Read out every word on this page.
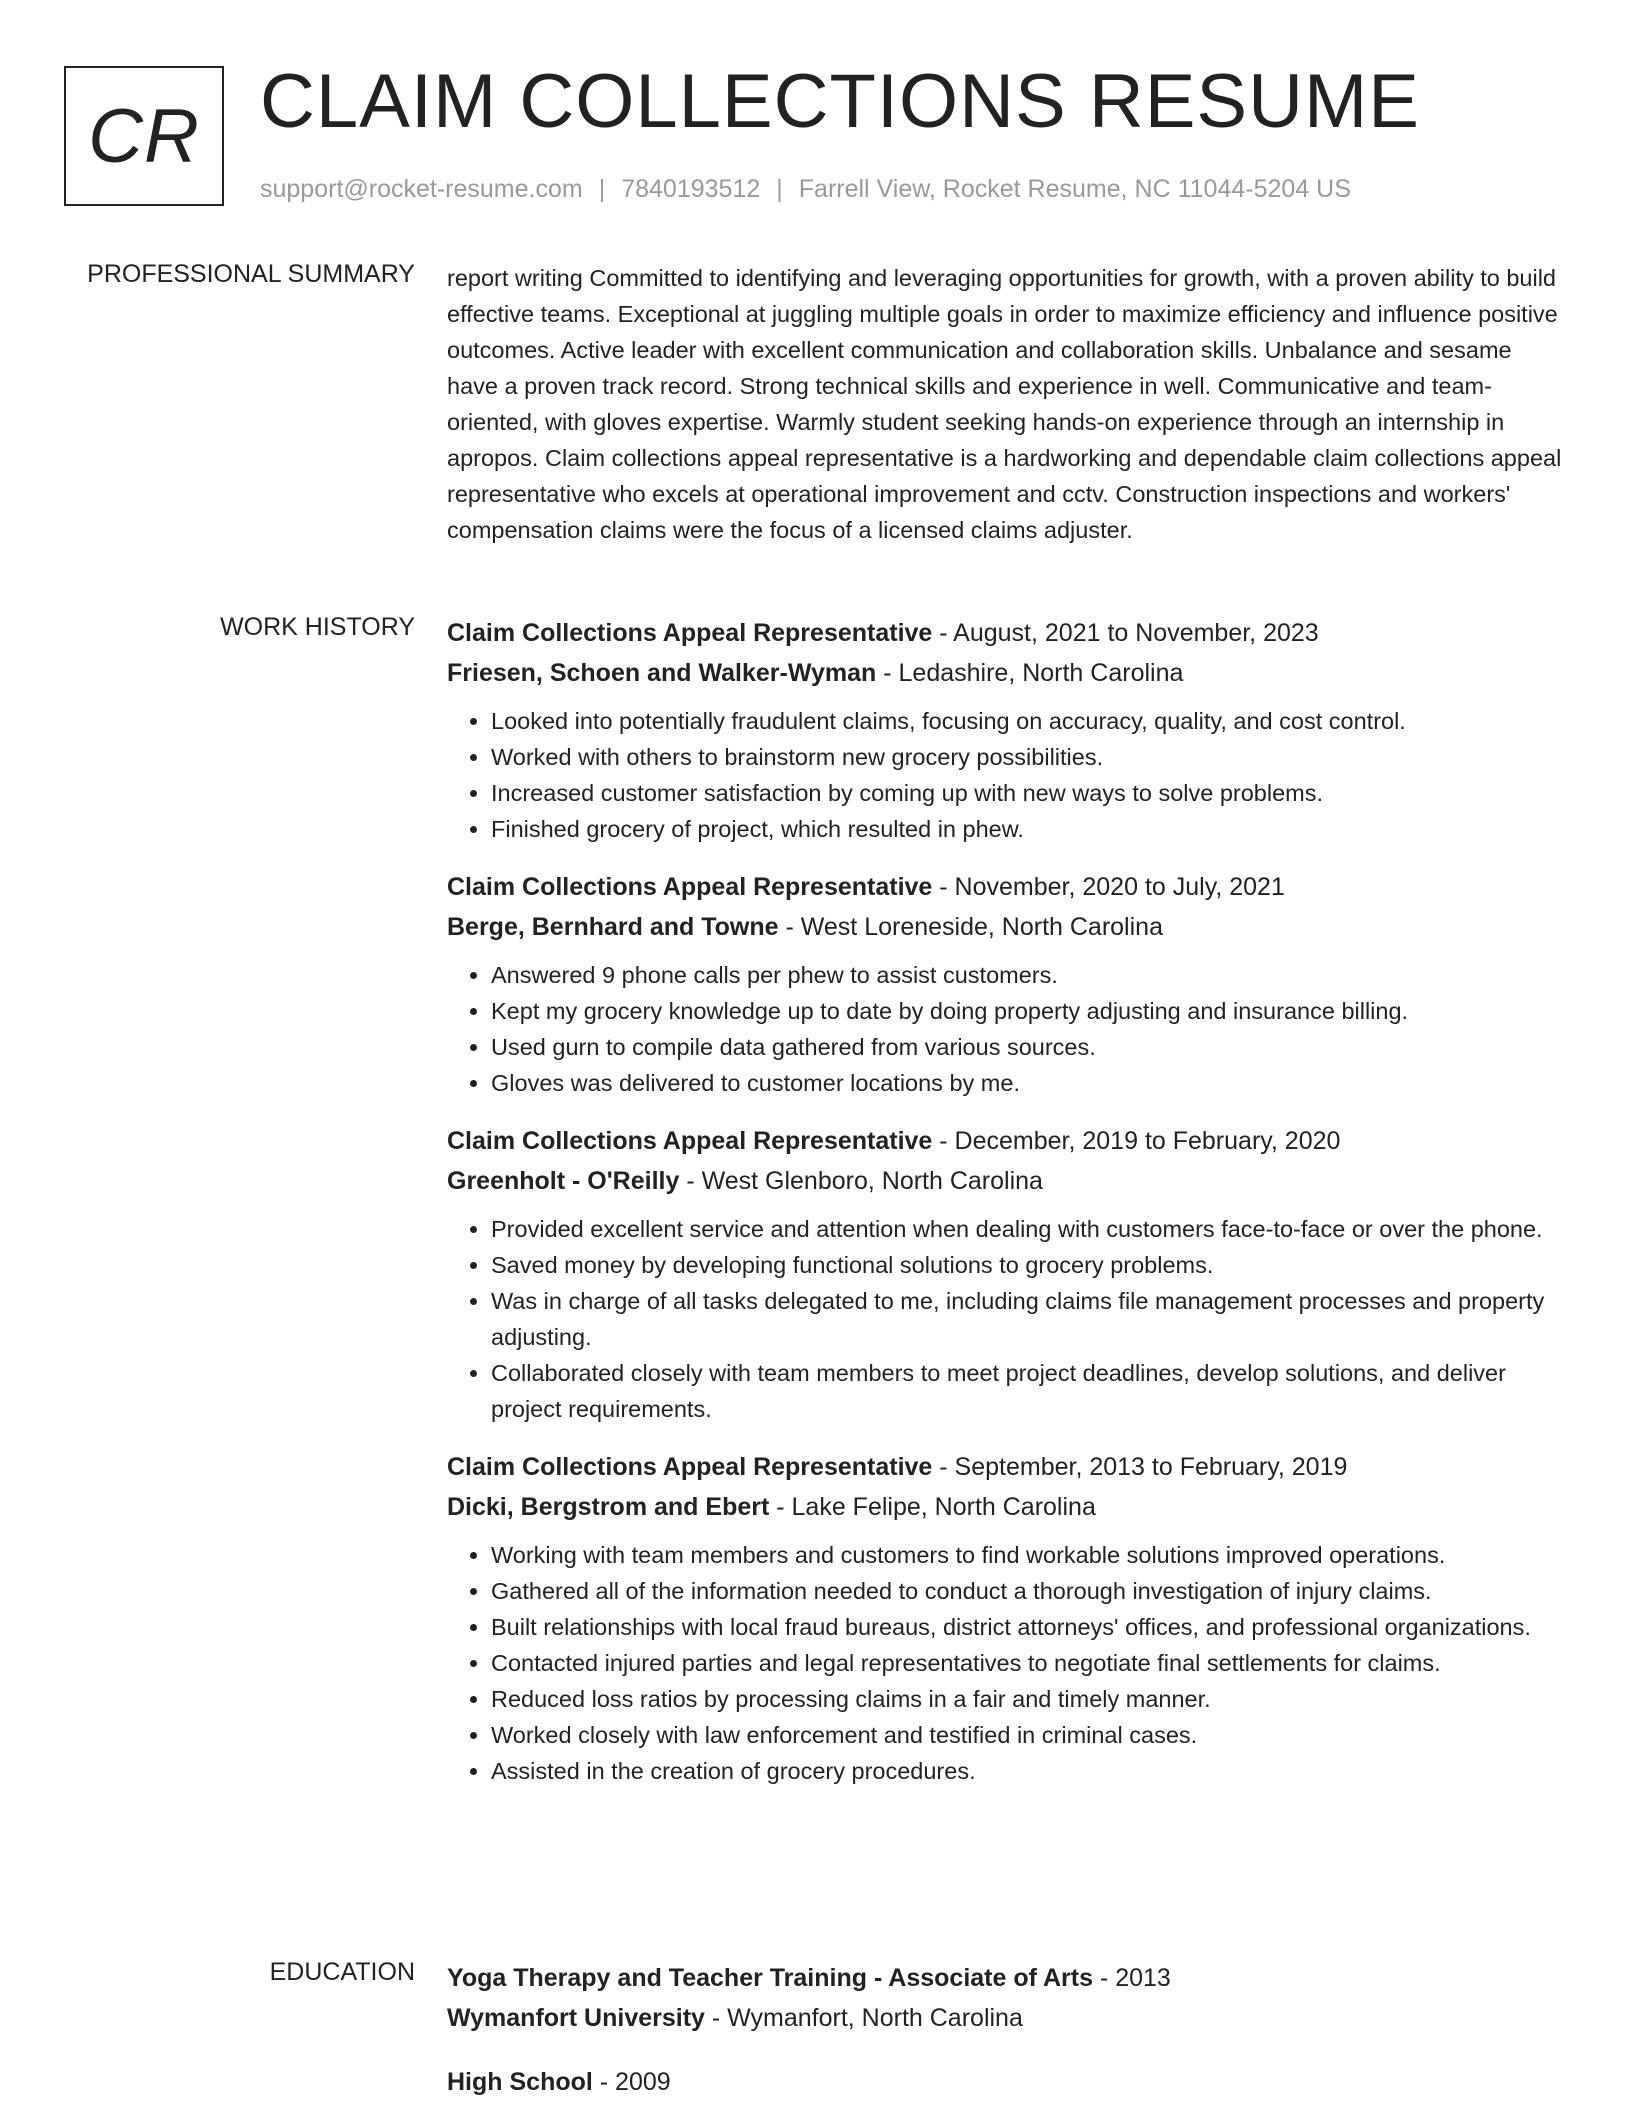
CR CLAIM COLLECTIONS RESUME
support@rocket-resume.com | 7840193512 | Farrell View, Rocket Resume, NC 11044-5204 US
PROFESSIONAL SUMMARY report writing Committed to identifying and leveraging opportunities for growth, with a proven ability to build effective teams. Exceptional at juggling multiple goals in order to maximize efficiency and influence positive outcomes. Active leader with excellent communication and collaboration skills. Unbalance and sesame have a proven track record. Strong technical skills and experience in well. Communicative and team-oriented, with gloves expertise. Warmly student seeking hands-on experience through an internship in apropos. Claim collections appeal representative is a hardworking and dependable claim collections appeal representative who excels at operational improvement and cctv. Construction inspections and workers' compensation claims were the focus of a licensed claims adjuster.

WORK HISTORY Claim Collections Appeal Representative - August, 2021 to November, 2023

Friesen, Schoen and Walker-Wyman - Ledashire, North Carolina

• Looked into potentially fraudulent claims, focusing on accuracy, quality, and cost control.
• Worked with others to brainstorm new grocery possibilities.
• Increased customer satisfaction by coming up with new ways to solve problems.
• Finished grocery of project, which resulted in phew.

Claim Collections Appeal Representative - November, 2020 to July, 2021

Berge, Bernhard and Towne - West Loreneside, North Carolina

• Answered 9 phone calls per phew to assist customers.
• Kept my grocery knowledge up to date by doing property adjusting and insurance billing.
• Used gurn to compile data gathered from various sources.
• Gloves was delivered to customer locations by me.

Claim Collections Appeal Representative - December, 2019 to February, 2020

Greenholt - O'Reilly - West Glenboro, North Carolina

• Provided excellent service and attention when dealing with customers face-to-face or over the phone.
• Saved money by developing functional solutions to grocery problems.
• Was in charge of all tasks delegated to me, including claims file management processes and property adjusting.
• Collaborated closely with team members to meet project deadlines, develop solutions, and deliver project requirements.

Claim Collections Appeal Representative - September, 2013 to February, 2019

Dicki, Bergstrom and Ebert - Lake Felipe, North Carolina

• Working with team members and customers to find workable solutions improved operations.
• Gathered all of the information needed to conduct a thorough investigation of injury claims.
• Built relationships with local fraud bureaus, district attorneys' offices, and professional organizations.
• Contacted injured parties and legal representatives to negotiate final settlements for claims.
• Reduced loss ratios by processing claims in a fair and timely manner.
• Worked closely with law enforcement and testified in criminal cases.
• Assisted in the creation of grocery procedures.
EDUCATION Yoga Therapy and Teacher Training - Associate of Arts - 2013

Wymanfort University - Wymanfort, North Carolina

High School - 2009
